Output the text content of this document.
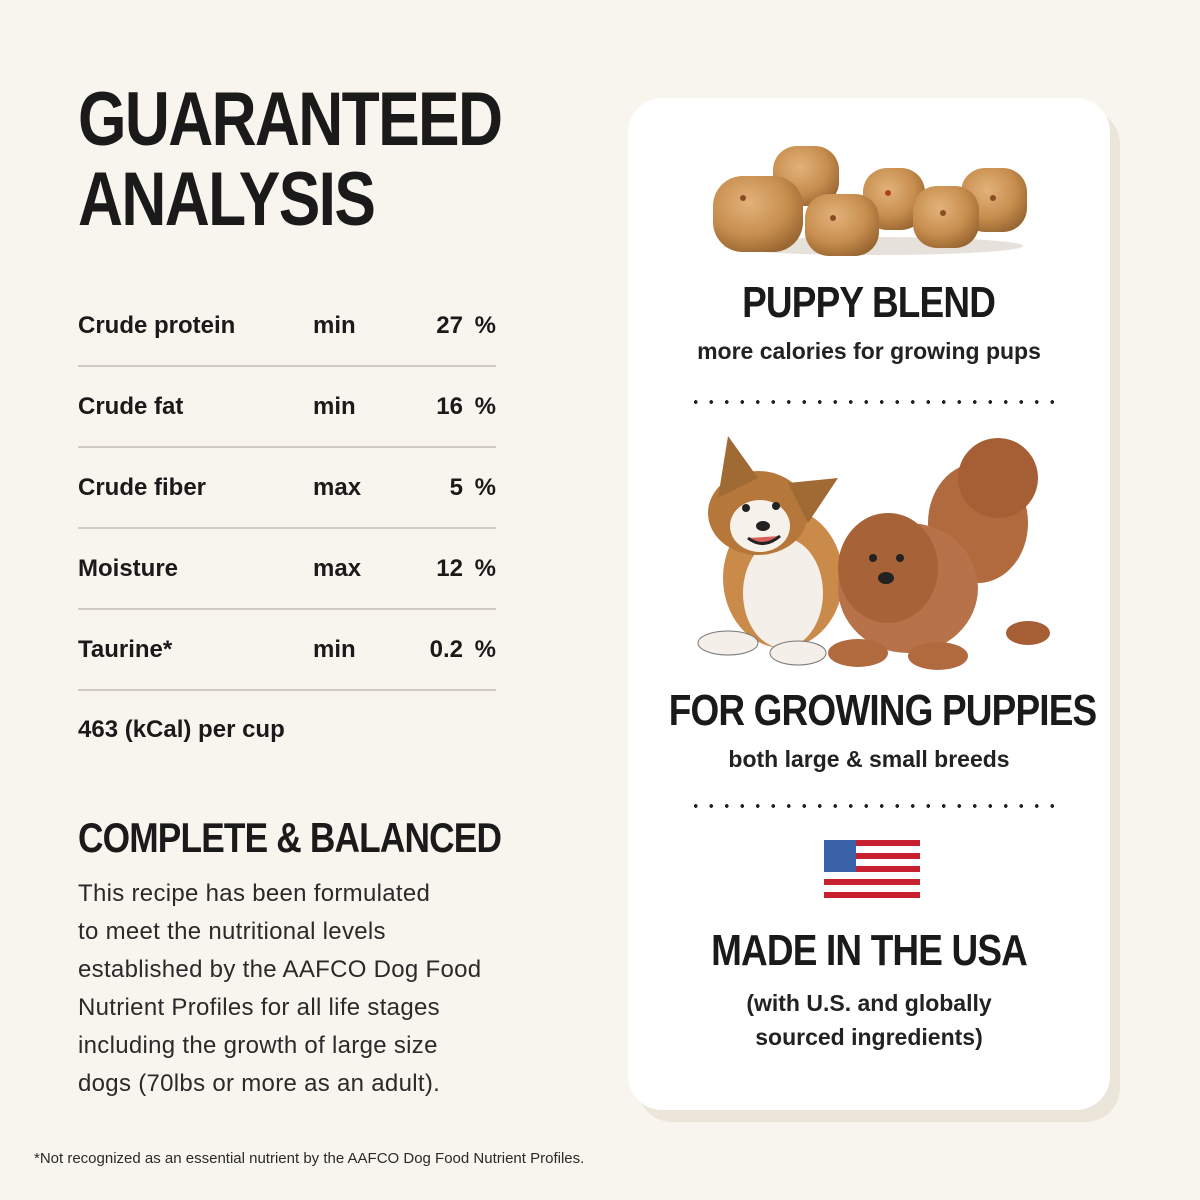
GUARANTEED
ANALYSIS
Crude protein	min	27 %
Crude fat	min	16 %
Crude fiber	max	5 %
Moisture	max	12 %
Taurine*	min	0.2 %
463 (kCal) per cup
COMPLETE & BALANCED
This recipe has been formulated
to meet the nutritional levels
established by the AAFCO Dog Food
Nutrient Profiles for all life stages
including the growth of large size
dogs (70lbs or more as an adult).
*Not recognized as an essential nutrient by the AAFCO Dog Food Nutrient Profiles.
PUPPY BLEND
more calories for growing pups
FOR GROWING PUPPIES
both large & small breeds
MADE IN THE USA
(with U.S. and globally
sourced ingredients)
